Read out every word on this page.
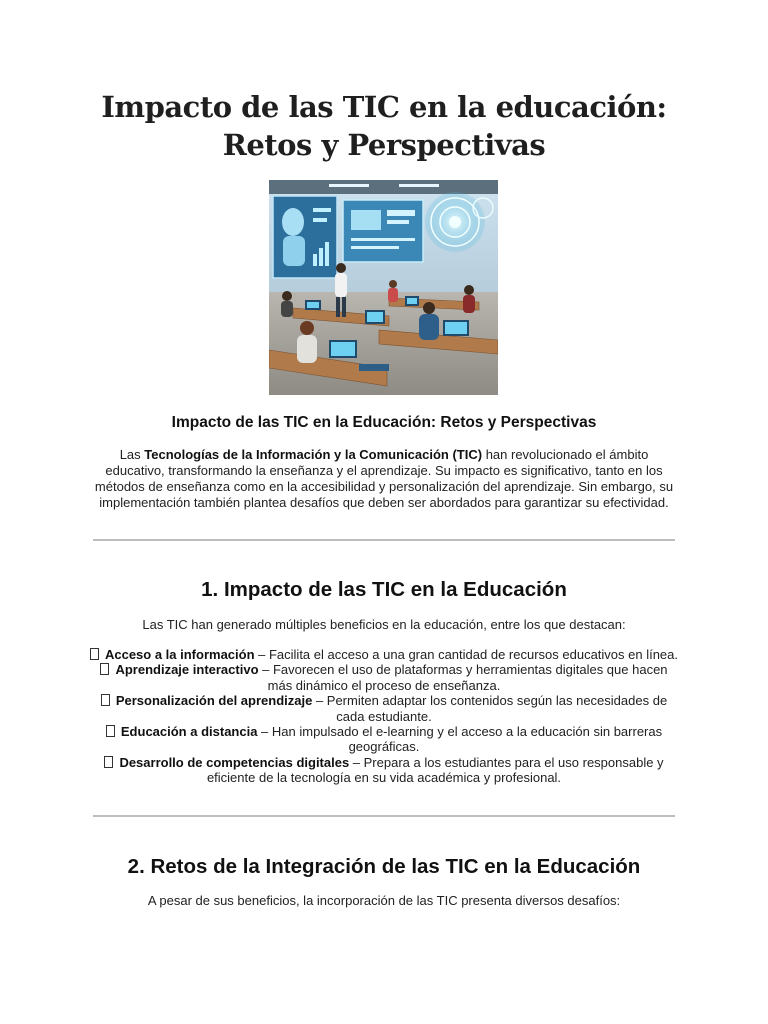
Impacto de las TIC en la educación: Retos y Perspectivas
Impacto de las TIC en la Educación: Retos y Perspectivas

Las Tecnologías de la Información y la Comunicación (TIC) han revolucionado el ámbito educativo, transformando la enseñanza y el aprendizaje. Su impacto es significativo, tanto en los métodos de enseñanza como en la accesibilidad y personalización del aprendizaje. Sin embargo, su implementación también plantea desafíos que deben ser abordados para garantizar su efectividad.

1. Impacto de las TIC en la Educación

Las TIC han generado múltiples beneficios en la educación, entre los que destacan:

Acceso a la información – Facilita el acceso a una gran cantidad de recursos educativos en línea.
Aprendizaje interactivo – Favorecen el uso de plataformas y herramientas digitales que hacen más dinámico el proceso de enseñanza.
Personalización del aprendizaje – Permiten adaptar los contenidos según las necesidades de cada estudiante.
Educación a distancia – Han impulsado el e-learning y el acceso a la educación sin barreras geográficas.
Desarrollo de competencias digitales – Prepara a los estudiantes para el uso responsable y eficiente de la tecnología en su vida académica y profesional.
2. Retos de la Integración de las TIC en la Educación

A pesar de sus beneficios, la incorporación de las TIC presenta diversos desafíos:
